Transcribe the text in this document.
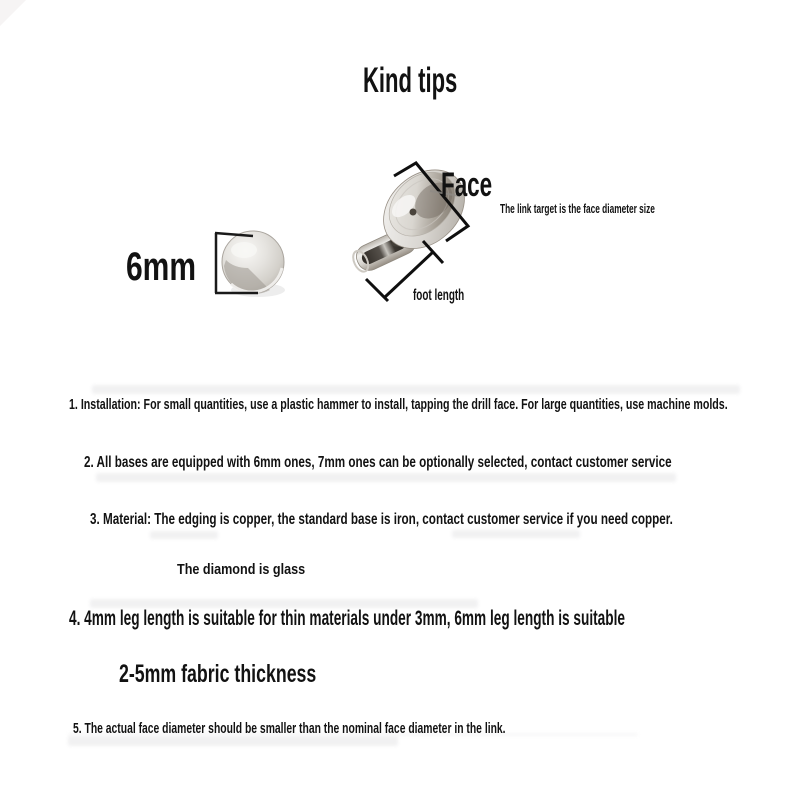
Kind tips
6mm
Face
The link target is the face diameter size
foot length
1. Installation: For small quantities, use a plastic hammer to install, tapping the drill face. For large quantities, use machine molds.
2. All bases are equipped with 6mm ones, 7mm ones can be optionally selected, contact customer service
3. Material: The edging is copper, the standard base is iron, contact customer service if you need copper.
The diamond is glass
4. 4mm leg length is suitable for thin materials under 3mm, 6mm leg length is suitable
2-5mm fabric thickness
5. The actual face diameter should be smaller than the nominal face diameter in the link.
